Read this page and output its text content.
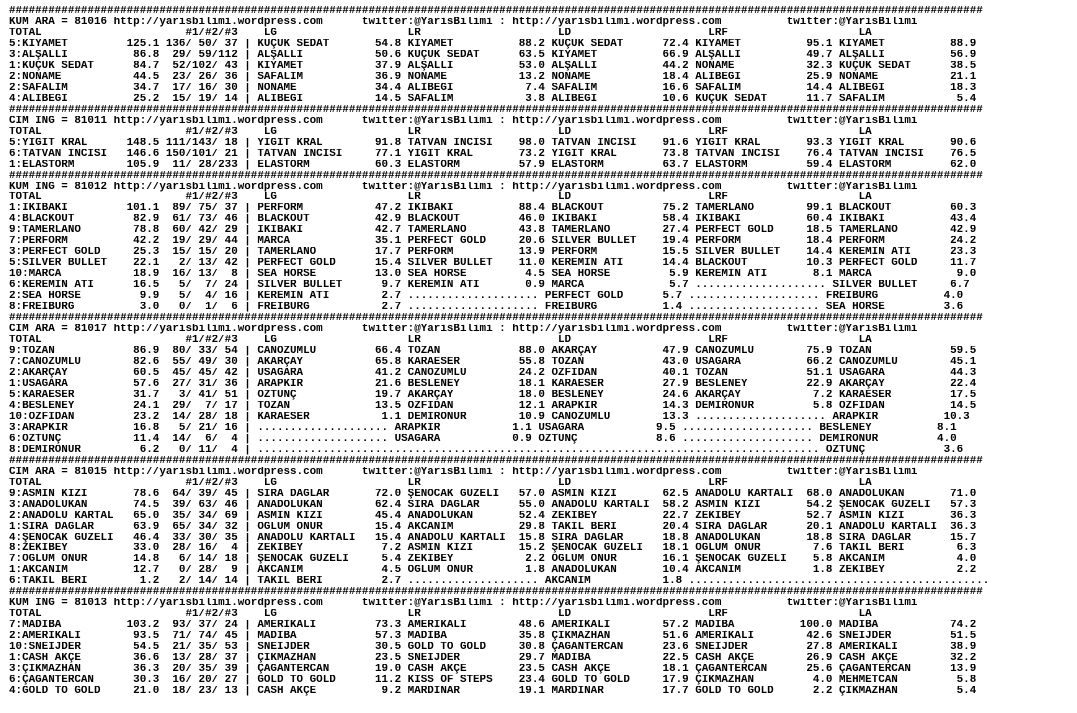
#####################################################################################################################################################
KUM ARA = 81016 http://yarisbilimi.wordpress.com      twitter:@YarisBilimi : http://yarisbilimi.wordpress.com          twitter:@YarisBilimi
TOTAL                      #1/#2/#3    LG                    LR                     LD                     LRF                    LA
5:KIYAMET         125.1 136/ 50/ 37 | KÜÇÜK SEDAT       54.8 KIYAMET          88.2 KÜÇÜK SEDAT      72.4 KIYAMET          95.1 KIYAMET          88.9
3:ALŞALLI          86.8  29/ 59/112 | ALŞALLI           50.6 KÜÇÜK SEDAT      63.5 KIYAMET          66.9 ALŞALLI          49.7 ALŞALLI          56.9
1:KÜÇÜK SEDAT      84.7  52/102/ 43 | KIYAMET           37.9 ALŞALLI          53.0 ALŞALLI          44.2 NONAME           32.3 KÜÇÜK SEDAT      38.5
2:NONAME           44.5  23/ 26/ 36 | SAFALIM           36.9 NONAME           13.2 NONAME           18.4 ALİBEGİ          25.9 NONAME           21.1
2:SAFALIM          34.7  17/ 16/ 30 | NONAME            34.4 ALİBEGİ           7.4 SAFALIM          16.6 SAFALIM          14.4 ALİBEGİ          18.3
4:ALİBEGİ          25.2  15/ 19/ 14 | ALİBEGİ           14.5 SAFALIM           3.8 ALİBEGİ          10.6 KÜÇÜK SEDAT      11.7 SAFALIM           5.4
#####################################################################################################################################################
CIM ING = 81011 http://yarisbilimi.wordpress.com      twitter:@YarisBilimi : http://yarisbilimi.wordpress.com          twitter:@YarisBilimi
TOTAL                      #1/#2/#3    LG                    LR                     LD                     LRF                    LA
5:YİĞİT KRAL      148.5 111/143/ 18 | YİĞİT KRAL        91.8 TATVAN İNCİSİ    98.0 TATVAN İNCİSİ    91.6 YİĞİT KRAL       93.3 YİĞİT KRAL       90.6
6:TATVAN İNCİSİ   146.6 150/101/ 21 | TATVAN İNCİSİ     77.1 YİĞİT KRAL       73.2 YİĞİT KRAL       73.8 TATVAN İNCİSİ    76.4 TATVAN İNCİSİ    76.5
1:ELASTORM        105.9  11/ 28/233 | ELASTORM          60.3 ELASTORM         57.9 ELASTORM         63.7 ELASTORM         59.4 ELASTORM         62.0
#####################################################################################################################################################
KUM ING = 81012 http://yarisbilimi.wordpress.com      twitter:@YarisBilimi : http://yarisbilimi.wordpress.com          twitter:@YarisBilimi
TOTAL                      #1/#2/#3    LG                    LR                     LD                     LRF                    LA
1:İKİBAKİ         101.1  89/ 75/ 37 | PERFORM           47.2 İKİBAKİ          88.4 BLACKOUT         75.2 TAMERLANO        99.1 BLACKOUT         60.3
4:BLACKOUT         82.9  61/ 73/ 46 | BLACKOUT          42.9 BLACKOUT         46.0 İKİBAKİ          58.4 İKİBAKİ          60.4 İKİBAKİ          43.4
9:TAMERLANO        78.8  60/ 42/ 29 | İKİBAKİ           42.7 TAMERLANO        43.8 TAMERLANO        27.4 PERFECT GOLD     18.5 TAMERLANO        42.9
7:PERFORM          42.2  19/ 29/ 44 | MARCA             35.1 PERFECT GOLD     20.6 SILVER BULLET    19.4 PERFORM          18.4 PERFORM          24.2
3:PERFECT GOLD     25.3  15/ 15/ 20 | TAMERLANO         17.7 PERFORM          13.9 PERFORM          15.5 SILVER BULLET    14.4 KEREMİN ATI      23.3
5:SILVER BULLET    22.1   2/ 13/ 42 | PERFECT GOLD      15.4 SILVER BULLET    11.0 KEREMİN ATI      14.4 BLACKOUT         10.3 PERFECT GOLD     11.7
10:MARCA           18.9  16/ 13/  8 | SEA HORSE         13.0 SEA HORSE         4.5 SEA HORSE         5.9 KEREMİN ATI       8.1 MARCA             9.0
6:KEREMİN ATI      16.5   5/  7/ 24 | SILVER BULLET      9.7 KEREMİN ATI       0.9 MARCA             5.7 .................... SILVER BULLET     6.7
2:SEA HORSE         9.9   5/  4/ 16 | KEREMİN ATI        2.7 .................... PERFECT GOLD      5.7 .................... FREIBURG          4.0
8:FREIBURG          3.0   0/  1/  6 | FREIBURG           2.7 .................... FREIBURG          1.4 .................... SEA HORSE         3.6
#####################################################################################################################################################
CIM ARA = 81017 http://yarisbilimi.wordpress.com      twitter:@YarisBilimi : http://yarisbilimi.wordpress.com          twitter:@YarisBilimi
TOTAL                      #1/#2/#3    LG                    LR                     LD                     LRF                    LA
9:TOZAN            86.9  80/ 33/ 54 | CANÖZÜMLÜ         66.4 TOZAN            88.0 AKARÇAY          47.9 CANÖZÜMLÜ        75.9 TOZAN            59.5
7:CANÖZÜMLÜ        82.6  55/ 49/ 30 | AKARÇAY           65.8 KARAESER         55.8 TOZAN            43.0 USAGARA          66.2 CANÖZÜMLÜ        45.1
2:AKARÇAY          60.5  45/ 45/ 42 | USAGARA           41.2 CANÖZÜMLÜ        24.2 ÖZFİDAN          40.1 TOZAN            51.1 USAGARA          44.3
1:USAGARA          57.6  27/ 31/ 36 | ARAPKIR           21.6 BESLENEY         18.1 KARAESER         27.9 BESLENEY         22.9 AKARÇAY          22.4
5:KARAESER         31.7   3/ 41/ 51 | ÖZTUNÇ            19.7 AKARÇAY          18.0 BESLENEY         24.6 AKARÇAY           7.2 KARAESER         17.5
4:BESLENEY         24.1  29/  7/ 17 | TOZAN             13.5 ÖZFİDAN          12.1 ARAPKIR          14.3 DEMİRONUR         5.8 ÖZFİDAN          14.5
10:ÖZFİDAN         23.2  14/ 28/ 18 | KARAESER           1.1 DEMİRONUR        10.9 CANÖZÜMLÜ        13.3 .................... ARAPKIR          10.3
3:ARAPKIR          16.8   5/ 21/ 16 | .................... ARAPKIR           1.1 USAGARA           9.5 .................... BESLENEY          8.1
6:ÖZTUNÇ           11.4  14/  6/  4 | .................... USAGARA           0.9 ÖZTUNÇ            8.6 .................... DEMİRONUR         4.0
8:DEMİRONUR         6.2   0/ 11/  4 | ...................................................................................... ÖZTUNÇ            3.6
#####################################################################################################################################################
CIM ARA = 81015 http://yarisbilimi.wordpress.com      twitter:@YarisBilimi : http://yarisbilimi.wordpress.com          twitter:@YarisBilimi
TOTAL                      #1/#2/#3    LG                    LR                     LD                     LRF                    LA
9:ASMİN KIZI       78.6  64/ 39/ 45 | SIRA DAĞLAR       72.0 ŞENOCAK GÜZELİ   57.0 ASMİN KIZI       62.5 ANADOLU KARTALI  68.0 ANADOLUKAN       71.0
3:ANADOLUKAN       74.5  39/ 63/ 46 | ANADOLUKAN        62.4 SIRA DAĞLAR      55.0 ANADOLU KARTALI  58.2 ASMİN KIZI       54.2 ŞENOCAK GÜZELİ   57.3
2:ANADOLU KARTAL   65.0  35/ 34/ 69 | ASMİN KIZI        45.4 ANADOLUKAN       52.4 ZEKİBEY          22.7 ZEKİBEY          52.7 ASMİN KIZI       36.3
1:SIRA DAĞLAR      63.9  65/ 34/ 32 | OĞLUM ONUR        15.4 AKCANIM          29.8 TAKIL BERİ       20.4 SIRA DAĞLAR      20.1 ANADOLU KARTALI  36.3
4:ŞENOCAK GÜZELİ   46.4  33/ 30/ 35 | ANADOLU KARTALI   15.4 ANADOLU KARTALI  15.8 SIRA DAĞLAR      18.8 ANADOLUKAN       18.8 SIRA DAĞLAR      15.7
8:ZEKİBEY          33.0  28/ 16/  4 | ZEKİBEY            7.2 ASMİN KIZI       15.2 ŞENOCAK GÜZELİ   18.1 OĞLUM ONUR        7.6 TAKIL BERİ        6.3
7:OĞLUM ONUR       14.8   6/ 14/ 18 | ŞENOCAK GÜZELİ     5.4 ZEKİBEY           2.2 OĞLUM ONUR       16.1 ŞENOCAK GÜZELİ    5.8 AKCANIM           4.0
1:AKCANIM          12.7   0/ 28/  9 | AKCANIM            4.5 OĞLUM ONUR        1.8 ANADOLUKAN       10.4 AKCANIM           1.8 ZEKİBEY           2.2
6:TAKIL BERİ        1.2   2/ 14/ 14 | TAKIL BERİ         2.7 .................... AKCANIM           1.8 ..............................................
#####################################################################################################################################################
KUM ING = 81013 http://yarisbilimi.wordpress.com      twitter:@YarisBilimi : http://yarisbilimi.wordpress.com          twitter:@YarisBilimi
TOTAL                      #1/#2/#3    LG                    LR                     LD                     LRF                    LA
7:MADIBA          103.2  93/ 37/ 24 | AMERİKALI         73.3 AMERİKALI        48.6 AMERİKALI        57.2 MADIBA          100.0 MADIBA           74.2
2:AMERİKALI        93.5  71/ 74/ 45 | MADIBA            57.3 MADIBA           35.8 ÇIKMAZHAN        51.6 AMERİKALI        42.6 SNEIJDER         51.5
10:SNEIJDER        54.5  21/ 35/ 53 | SNEIJDER          30.5 GOLD TO GOLD     30.8 ÇAĞANTERCAN      23.6 SNEIJDER         27.8 AMERİKALI        38.9
1:CASH AKÇE        36.6  13/ 28/ 37 | ÇIKMAZHAN         23.5 SNEIJDER         29.7 MADIBA           22.5 CASH AKÇE        26.9 CASH AKÇE        32.2
3:ÇIKMAZHAN        36.3  20/ 35/ 39 | ÇAĞANTERCAN       19.0 CASH AKÇE        23.5 CASH AKÇE        18.1 ÇAĞANTERCAN      25.6 ÇAĞANTERCAN      13.9
6:ÇAĞANTERCAN      30.3  16/ 20/ 27 | GOLD TO GOLD      11.2 KISS OF STEPS    23.4 GOLD TO GOLD     17.9 ÇIKMAZHAN         4.0 MEHMETCAN         5.8
4:GOLD TO GOLD     21.0  18/ 23/ 13 | CASH AKÇE          9.2 MARDINAR         19.1 MARDINAR         17.7 GOLD TO GOLD      2.2 ÇIKMAZHAN         5.4
